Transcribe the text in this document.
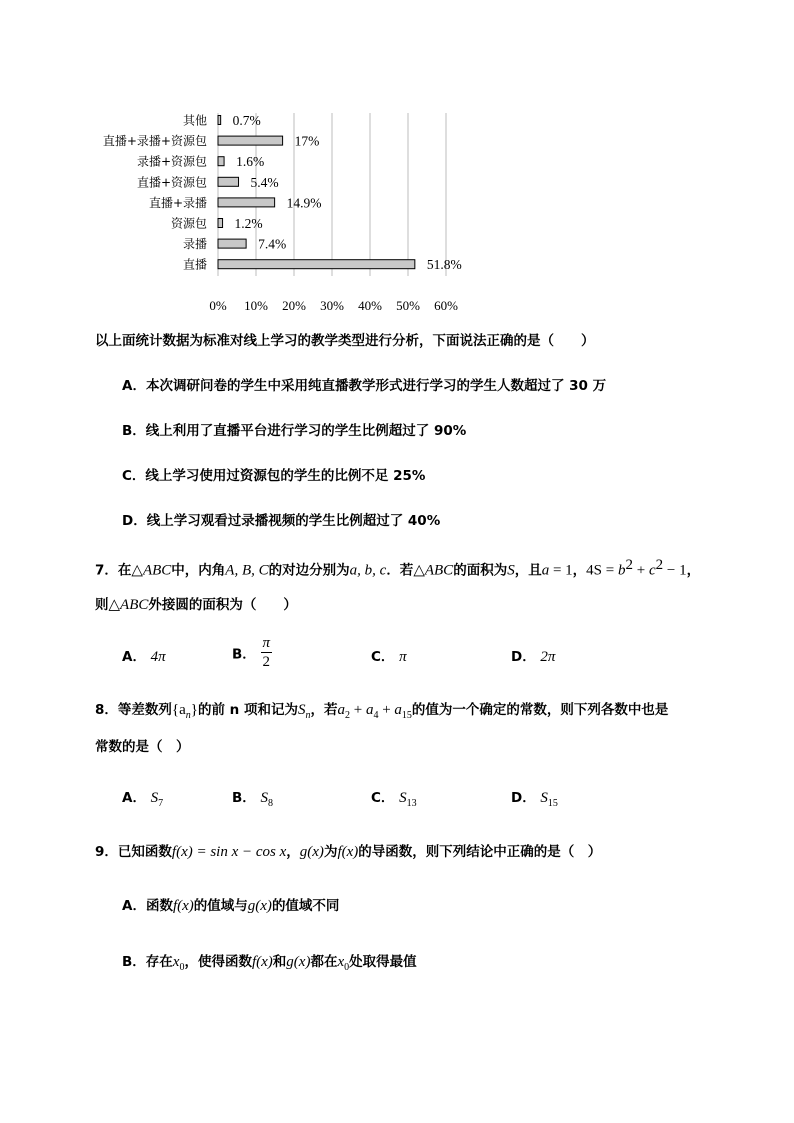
其他
直播+录播+资源包
录播+资源包
直播+资源包
直播+录播
资源包
录播
直播
0.7%
17%
1.6%
5.4%
14.9%
1.2%
7.4%
51.8%
0% 10% 20% 30% 40% 50% 60%
以上面统计数据为标准对线上学习的教学类型进行分析，下面说法正确的是（　　）
A．本次调研问卷的学生中采用纯直播教学形式进行学习的学生人数超过了 30 万
B．线上利用了直播平台进行学习的学生比例超过了 90%
C．线上学习使用过资源包的学生的比例不足 25%
D．线上学习观看过录播视频的学生比例超过了 40%
7．在△ABC中，内角A, B, C的对边分别为a, b, c．若△ABC的面积为S，且a = 1，$4S = b^2 + c^2 - 1$，
则△ABC外接圆的面积为（　　）
A． 4π	B． $\frac{\pi}{2}$	C． π	D． 2π
8．等差数列$\{a_n\}$的前 n 项和记为$S_n$，若$a_2 + a_4 + a_{15}$的值为一个确定的常数，则下列各数中也是
常数的是（　）
A． $S_7$	B． $S_8$	C． $S_{13}$	D． $S_{15}$
9．已知函数f(x) = sin x − cos x，g(x)为f(x)的导函数，则下列结论中正确的是（　）
A．函数f(x)的值域与g(x)的值域不同
B．存在$x_0$，使得函数f(x)和g(x)都在$x_0$处取得最值
